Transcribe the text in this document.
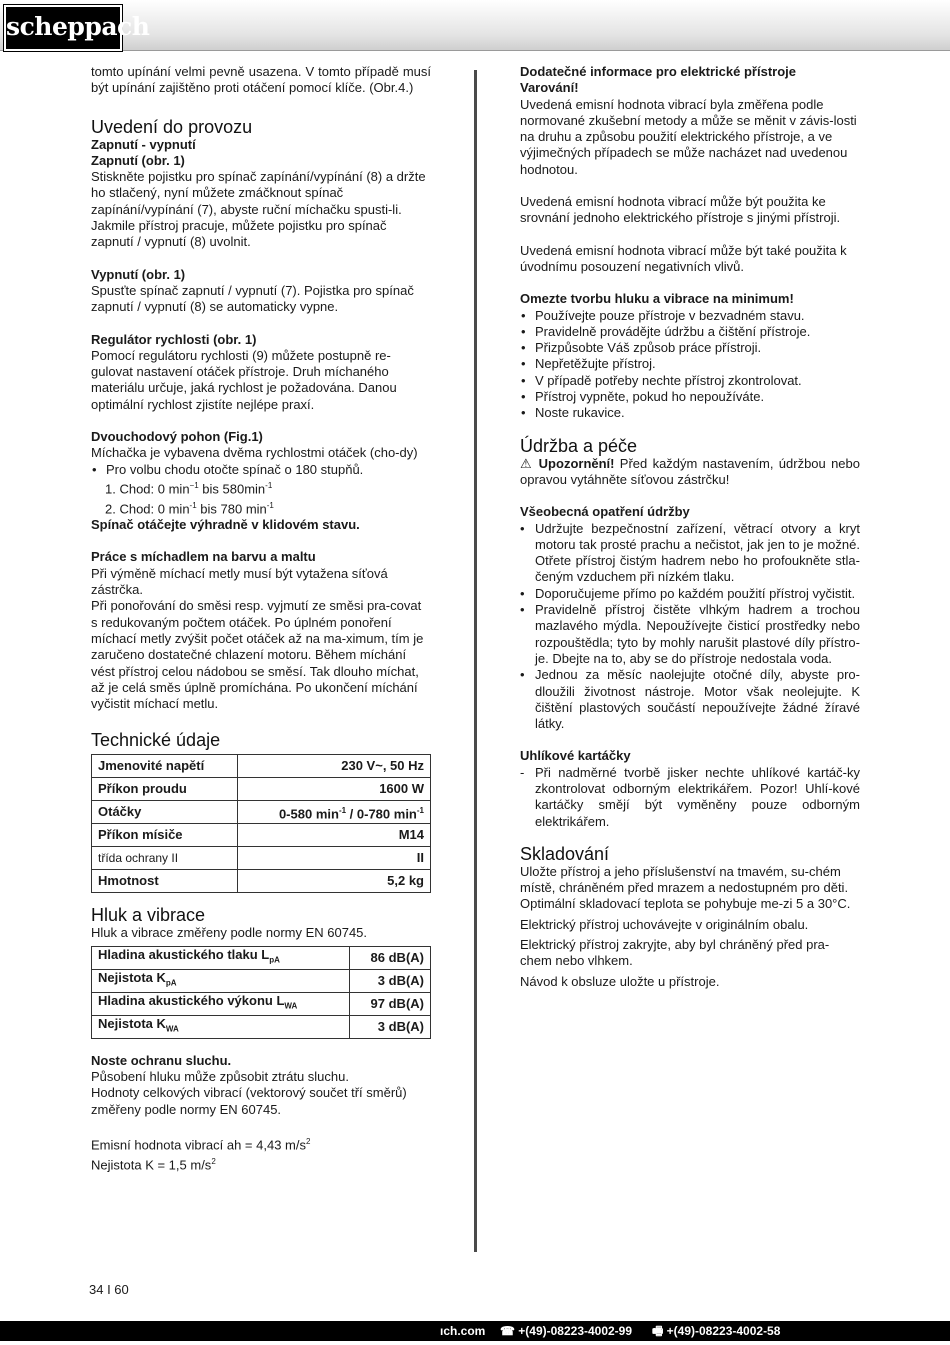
scheppach

tomto upínání velmi pevně usazena. V tomto případě musí být upínání zajištěno proti otáčení pomocí klíče. (Obr.4.)

Uvedení do provozu

Zapnutí - vypnutí

Zapnutí (obr. 1)

Stiskněte pojistku pro spínač zapínání/vypínání (8) a držte ho stlačený, nyní můžete zmáčknout spínač zapínání/vypínání (7), abyste ruční míchačku spusti-li. Jakmile přístroj pracuje, můžete pojistku pro spínač zapnutí / vypnutí (8) uvolnit.

Vypnutí (obr. 1)

Spusťte spínač zapnutí / vypnutí (7). Pojistka pro spínač zapnutí / vypnutí (8) se automaticky vypne.

Regulátor rychlosti (obr. 1)

Pomocí regulátoru rychlosti (9) můžete postupně re-gulovat nastavení otáček přístroje. Druh míchaného materiálu určuje, jaká rychlost je požadována. Danou optimální rychlost zjistíte nejlépe praxí.

Dvouchodový pohon (Fig.1)

Míchačka je vybavena dvěma rychlostmi otáček (cho-dy)

• Pro volbu chodu otočte spínač o 180 stupňů.

1. Chod: 0 $\min^{-1}$ bis $580\min^{-1}$

2. Chod: 0 $\min^{-1}$ bis 780 $\min^{-1}$

Spínač otáčejte výhradně v klidovém stavu.

Práce s míchadlem na barvu a maltu

Při výměně míchací metly musí být vytažena síťová zástrčka.

Při ponořování do směsi resp. vyjmutí ze směsi pra-covat s redukovaným počtem otáček. Po úplném ponoření míchací metly zvýšit počet otáček až na ma-ximum, tím je zaručeno dostatečné chlazení motoru. Během míchání vést přístroj celou nádobou se směsí. Tak dlouho míchat, až je celá směs úplně promíchána. Po ukončení míchání vyčistit míchací metlu.

Technické údaje
Jmenovité napětí	230 V~, 50 Hz
Příkon proudu	1600 W
Otáčky	0-580 $\min^{-1} / 0-780$ $\min^{-1}$
Příkon mísiče	M14
třída ochrany II	II
Hmotnost	5,2 kg
Hluk a vibrace

Hluk a vibrace změřeny podle normy EN 60745.

Hladina akustického tlaku $L_{pA}$	86 dB(A)
Nejistota $K_{pA}$	3 dB(A)
Hladina akustického výkonu $L_{WA}$	97 dB(A)
Nejistota $K_{WA}$	3 dB(A)

Noste ochranu sluchu.

Působení hluku může způsobit ztrátu sluchu.

Hodnoty celkových vibrací (vektorový součet tří směrů) změřeny podle normy EN 60745.

Emisní hodnota vibrací ah = 4,43 $m/s^2$

Nejistota K = 1,5 $m/s^2$

Dodatečné informace pro elektrické přístroje

Varování!

Uvedená emisní hodnota vibrací byla změřena podle normované zkušební metody a může se měnit v závis-losti na druhu a způsobu použití elektrického přístroje, a ve výjimečných případech se může nacházet nad uvedenou hodnotou.

Uvedená emisní hodnota vibrací může být použita ke srovnání jednoho elektrického přístroje s jinými přístroji.

Uvedená emisní hodnota vibrací může být také použita k úvodnímu posouzení negativních vlivů.

Omezte tvorbu hluku a vibrace na minimum!

• Používejte pouze přístroje v bezvadném stavu.
• Pravidelně provádějte údržbu a čištění přístroje.
• Přizpůsobte Váš způsob práce přístroji.
• Nepřetěžujte přístroj.
• V případě potřeby nechte přístroj zkontrolovat.
• Přístroj vypněte, pokud ho nepoužíváte.
• Noste rukavice.
Údržba a péče

⚠ Upozornění! Před každým nastavením, údržbou nebo opravou vytáhněte síťovou zástrčku!

Všeobecná opatření údržby

• Udržujte bezpečnostní zařízení, větrací otvory a kryt motoru tak prosté prachu a nečistot, jak jen to je možné. Otřete přístroj čistým hadrem nebo ho profoukněte stla-čeným vzduchem při nízkém tlaku.
• Doporučujeme přímo po každém použití přístroj vyčistit.
• Pravidelně přístroj čistěte vlhkým hadrem a trochou mazlavého mýdla. Nepoužívejte čisticí prostředky nebo rozpouštědla; tyto by mohly narušit plastové díly přístro-je. Dbejte na to, aby se do přístroje nedostala voda.
• Jednou za měsíc naolejujte otočné díly, abyste pro-dloužili životnost nástroje. Motor však neolejujte. K čištění plastových součástí nepoužívejte žádné žíravé látky.

Uhlíkové kartáčky

- Při nadměrné tvorbě jisker nechte uhlíkové kartáč-ky zkontrolovat odborným elektrikářem. Pozor! Uhlí-kové kartáčky smějí být vyměněny pouze odborným elektrikářem.
Skladování

Uložte přístroj a jeho příslušenství na tmavém, su-chém místě, chráněném před mrazem a nedostupném pro děti. Optimální skladovací teplota se pohybuje me-zi 5 a 30°C.

Elektrický přístroj uchovávejte v originálním obalu.

Elektrický přístroj zakryjte, aby byl chráněný před pra-chem nebo vlhkem.

Návod k obsluze uložte u přístroje.

34 I 60
ıch.com ☎ +(49)-08223-4002-99 🖷 +(49)-08223-4002-58
